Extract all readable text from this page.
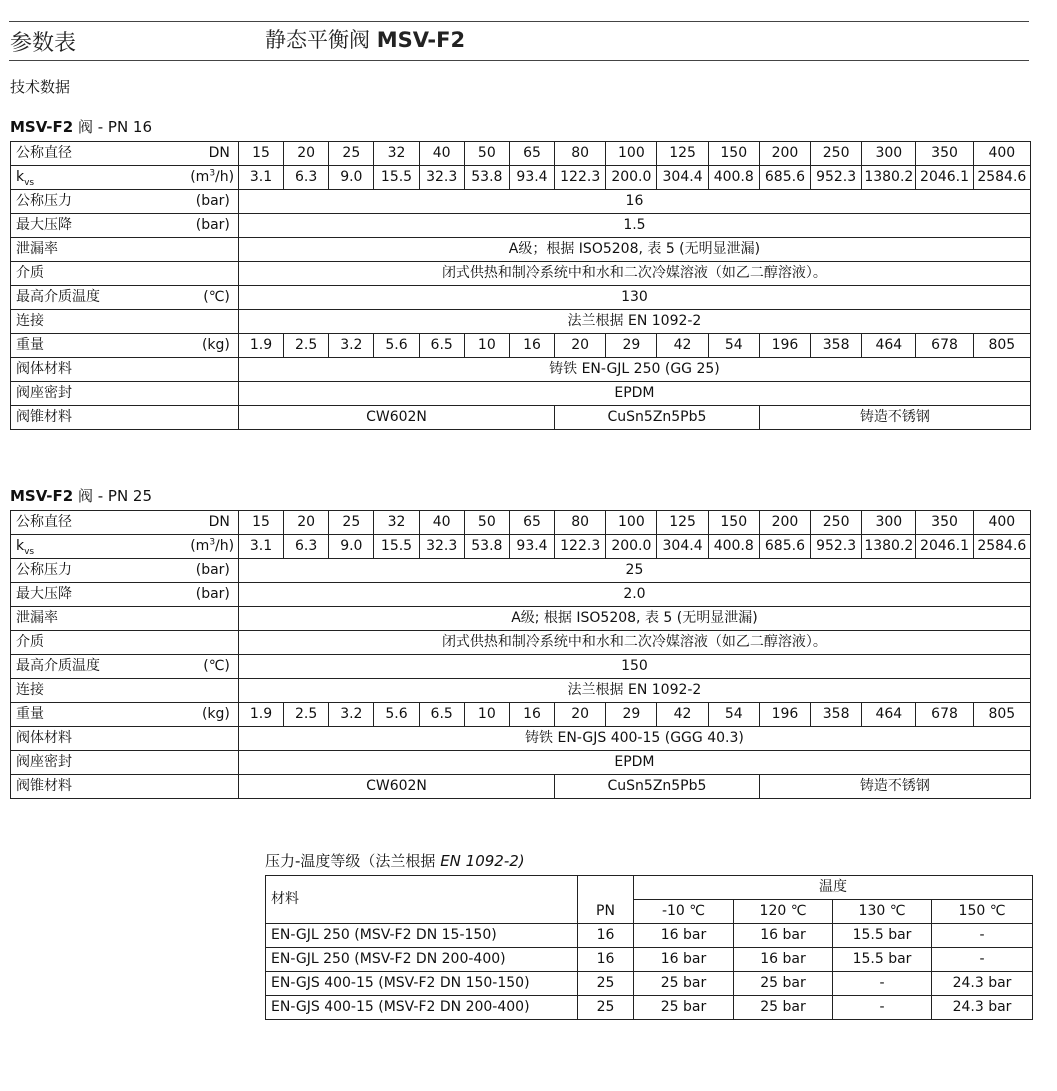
参数表	静态平衡阀 MSV-F2
技术数据
MSV-F2 阀 - PN 16
公称直径	DN	15	20	25	32	40	50	65	80	100	125	150	200	250	300	350	400
$k_{vs}$	$(m^3/h)$	3.1	6.3	9.0	15.5	32.3	53.8	93.4	122.3	200.0	304.4	400.8	685.6	952.3	1380.2	2046.1	2584.6
公称压力	(bar)	16															
最大压降	(bar)	1.5															
泄漏率		A级；根据 ISO5208, 表 5 (无明显泄漏)															
介质		闭式供热和制冷系统中和水和二次冷媒溶液（如乙二醇溶液）。															
最高介质温度	(℃)	130															
连接		法兰根据 EN 1092-2															
重量	(kg)	1.9	2.5	3.2	5.6	6.5	10	16	20	29	42	54	196	358	464	678	805
阀体材料		铸铁 EN-GJL 250 (GG 25)															
阀座密封		EPDM															
阀锥材料		CW602N							CuSn5Zn5Pb5				铸造不锈钢				
MSV-F2 阀 - PN 25
公称直径	DN	15	20	25	32	40	50	65	80	100	125	150	200	250	300	350	400
$k_{vs}$	$(m^3/h)$	3.1	6.3	9.0	15.5	32.3	53.8	93.4	122.3	200.0	304.4	400.8	685.6	952.3	1380.2	2046.1	2584.6
公称压力	(bar)	25															
最大压降	(bar)	2.0															
泄漏率		A级; 根据 ISO5208, 表 5 (无明显泄漏)															
介质		闭式供热和制冷系统中和水和二次冷媒溶液（如乙二醇溶液）。															
最高介质温度	(℃)	150															
连接		法兰根据 EN 1092-2															
重量	(kg)	1.9	2.5	3.2	5.6	6.5	10	16	20	29	42	54	196	358	464	678	805
阀体材料		铸铁 EN-GJS 400-15 (GGG 40.3)															
阀座密封		EPDM															
阀锥材料		CW602N							CuSn5Zn5Pb5				铸造不锈钢				
压力-温度等级（法兰根据 EN 1092-2)
材料	PN	温度			
		-10 ℃	120 ℃	130 ℃	150 ℃
EN-GJL 250 (MSV-F2 DN 15-150)	16	16 bar	16 bar	15.5 bar	-
EN-GJL 250 (MSV-F2 DN 200-400)	16	16 bar	16 bar	15.5 bar	-
EN-GJS 400-15 (MSV-F2 DN 150-150)	25	25 bar	25 bar	-	24.3 bar
EN-GJS 400-15 (MSV-F2 DN 200-400)	25	25 bar	25 bar	-	24.3 bar
